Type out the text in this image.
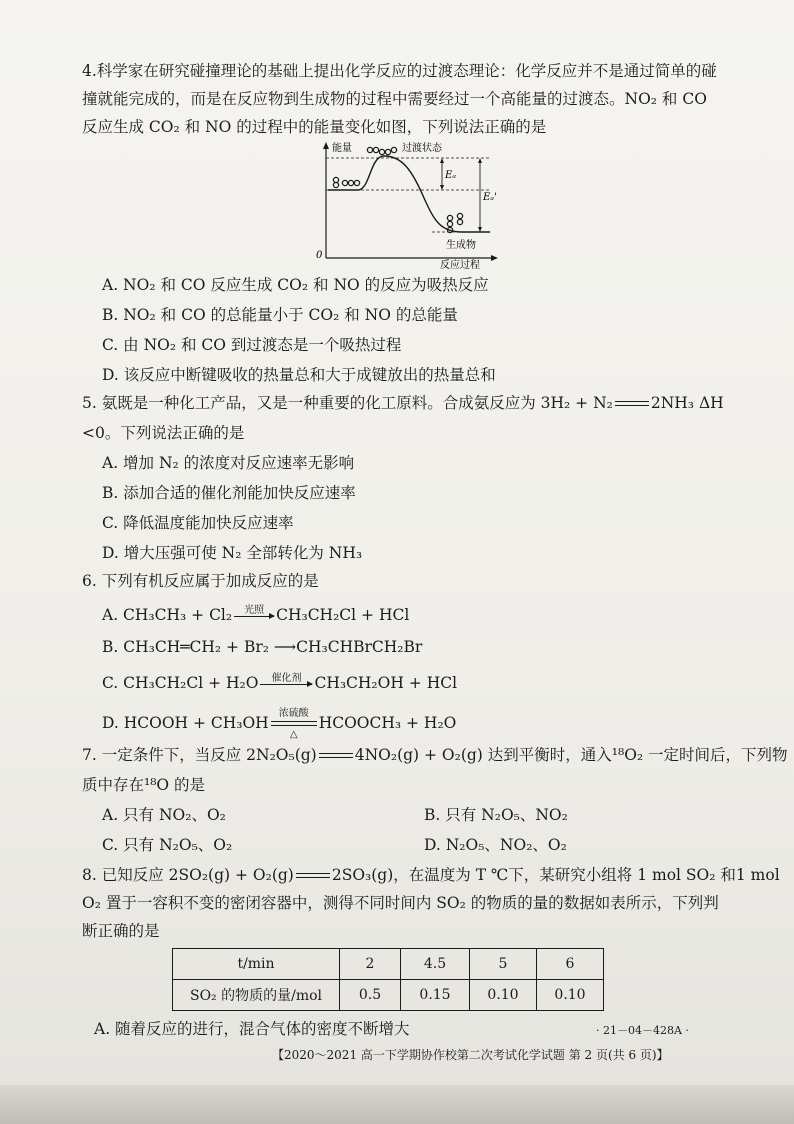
4.科学家在研究碰撞理论的基础上提出化学反应的过渡态理论：化学反应并不是通过简单的碰
撞就能完成的，而是在反应物到生成物的过程中需要经过一个高能量的过渡态。NO₂ 和 CO
反应生成 CO₂ 和 NO 的过程中的能量变化如图，下列说法正确的是
能量	过渡状态
Eₐ
Eₐ'
生成物
反应过程
0
A. NO₂ 和 CO 反应生成 CO₂ 和 NO 的反应为吸热反应
B. NO₂ 和 CO 的总能量小于 CO₂ 和 NO 的总能量
C. 由 NO₂ 和 CO 到过渡态是一个吸热过程
D. 该反应中断键吸收的热量总和大于成键放出的热量总和
5. 氨既是一种化工产品，又是一种重要的化工原料。合成氨反应为 3H₂ + N₂ 2NH₃ ΔH
<0。下列说法正确的是
A. 增加 N₂ 的浓度对反应速率无影响
B. 添加合适的催化剂能加快反应速率
C. 降低温度能加快反应速率
D. 增大压强可使 N₂ 全部转化为 NH₃
6. 下列有机反应属于加成反应的是
A. CH₃CH₃ + Cl₂ 光照
CH₃CH₂Cl + HCl
B. CH₃CH═CH₂ + Br₂ ⟶CH₃CHBrCH₂Br
C. CH₃CH₂Cl + H₂O 催化剂
CH₃CH₂OH + HCl
D. HCOOH + CH₃OH
浓硫酸
△
HCOOCH₃ + H₂O
7. 一定条件下，当反应 2N₂O₅(g) 4NO₂(g) + O₂(g) 达到平衡时，通入¹⁸O₂ 一定时间后，下列物
质中存在¹⁸O 的是
A. 只有 NO₂、O₂	B. 只有 N₂O₅、NO₂
C. 只有 N₂O₅、O₂	D. N₂O₅、NO₂、O₂
8. 已知反应 2SO₂(g) + O₂(g) 2SO₃(g)，在温度为 T ℃下，某研究小组将 1 mol SO₂ 和1 mol
O₂ 置于一容积不变的密闭容器中，测得不同时间内 SO₂ 的物质的量的数据如表所示，下列判
断正确的是
t/min	2	4.5	5	6
SO₂ 的物质的量/mol	0.5	0.15	0.10	0.10
A. 随着反应的进行，混合气体的密度不断增大	· 21－04－428A ·
【2020～2021 高一下学期协作校第二次考试化学试题 第 2 页(共 6 页)】
